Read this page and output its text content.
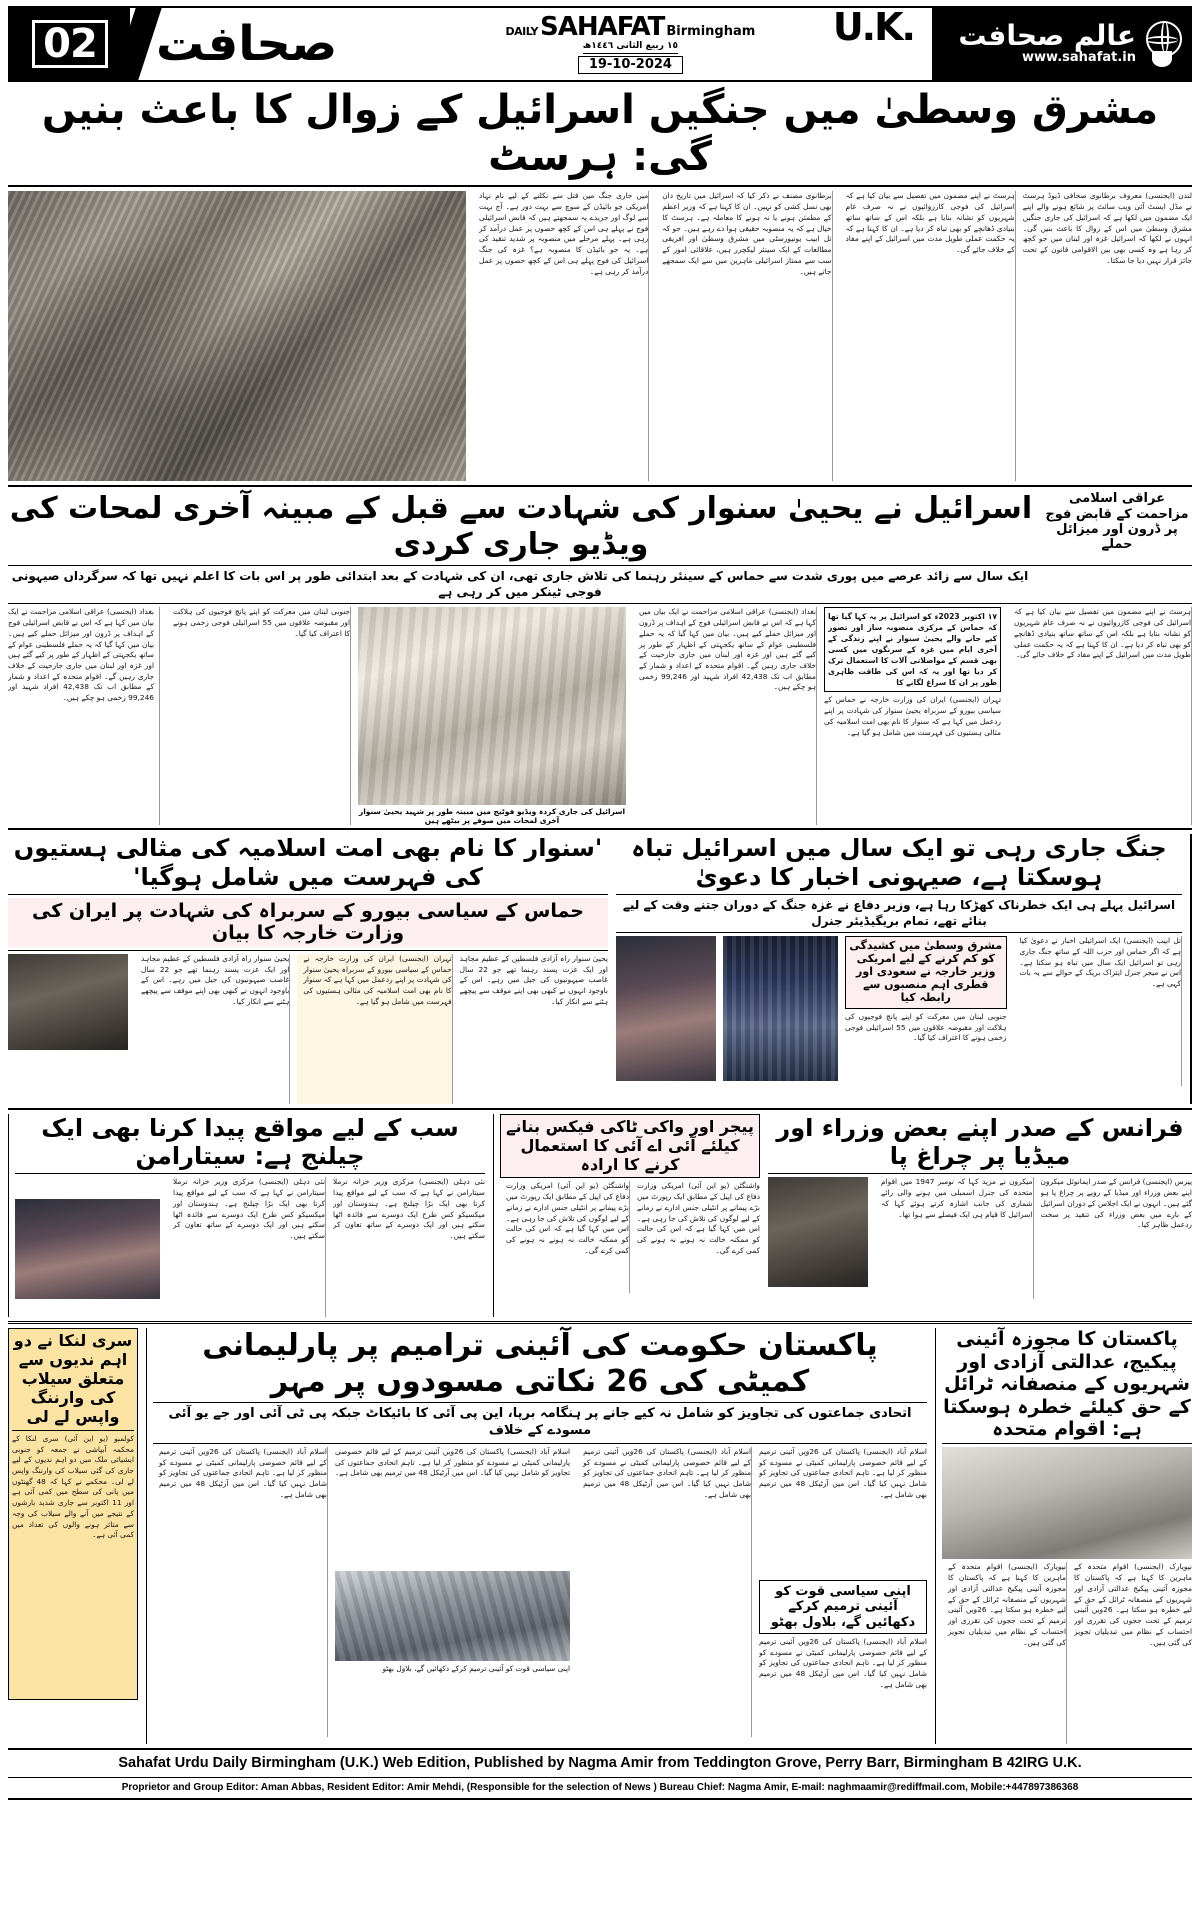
02 صحافت	DAILY SAHAFAT Birmingham
١٥ ربیع الثانی ١٤٤٦ھ
19-10-2024
U.K.	عالم صحافت
www.sahafat.in
مشرق وسطیٰ میں جنگیں اسرائیل کے زوال کا باعث بنیں گی: ہرسٹ
میں جاری جنگ میں قتل سے نکلنے کے لیے نام نہاد امریکی جو بائیڈن کے سوچ سے بہت دور ہے۔ آج بہت سے لوگ اور جریدے یہ سمجھتے ہیں کہ قابض اسرائیلی فوج نے پہلے ہی اس کے کچھ حصوں پر عمل درآمد کر رہی ہے۔ پہلے مرحلے میں منصوبہ پر شدید تنقید کی ہے۔ یہ جو بائیڈن کا منصوبہ ہے؟ غزہ کی جنگ اسرائیل کی فوج پہلے ہی اس کے کچھ حصوں پر عمل درآمد کر رہی ہے۔
برطانوی مصنف نے ذکر کیا کہ اسرائیل میں تاریخ دان بھی نسل کشی کو نہیں۔ ان کا کہنا ہے کہ وزیر اعظم کے مطمئن ہونے یا نہ ہونے کا معاملہ ہے۔ ہرسٹ کا خیال ہے کہ یہ منصوبہ حقیقی ہوا دے رہے ہیں۔ جو کہ تل ابیب یونیورسٹی میں مشرق وسطیٰ اور افریقی مطالعات کے ایک سینئر لیکچرر ہیں، علاقائی امور کے سب سے ممتاز اسرائیلی ماہرین میں سے ایک سمجھے جاتے ہیں۔
ہرسٹ نے اپنے مضمون میں تفصیل سے بیان کیا ہے کہ اسرائیل کی فوجی کارروائیوں نے نہ صرف عام شہریوں کو نشانہ بنایا ہے بلکہ اس کے ساتھ ساتھ بنیادی ڈھانچے کو بھی تباہ کر دیا ہے۔ ان کا کہنا ہے کہ یہ حکمت عملی طویل مدت میں اسرائیل کے اپنے مفاد کے خلاف جائے گی۔
لندن (ایجنسی) معروف برطانوی صحافی ڈیوڈ ہرسٹ نے مڈل ایسٹ آئی ویب سائٹ پر شائع ہونے والے اپنے ایک مضمون میں لکھا ہے کہ اسرائیل کی جاری جنگیں مشرق وسطیٰ میں اس کے زوال کا باعث بنیں گی۔ انہوں نے لکھا کہ اسرائیل غزہ اور لبنان میں جو کچھ کر رہا ہے وہ کسی بھی بین الاقوامی قانون کے تحت جائز قرار نہیں دیا جا سکتا۔
اسرائیل نے یحییٰ سنوار کی شہادت سے قبل کے مبینہ آخری لمحات کی ویڈیو جاری کردی
عراقی اسلامی مزاحمت کے قابض فوج پر ڈرون اور میزائل حملے
ایک سال سے زائد عرصے میں پوری شدت سے حماس کے سینئر رہنما کی تلاش جاری تھی، ان کی شہادت کے بعد ابتدائی طور پر اس بات کا اعلم نہیں تھا کہ سرگرداں صیہونی فوجی ٹینکر میں کر رہی ہے
بغداد (ایجنسی) عراقی اسلامی مزاحمت نے ایک بیان میں کہا ہے کہ اس نے قابض اسرائیلی فوج کے اہداف پر ڈرون اور میزائل حملے کیے ہیں۔ بیان میں کہا گیا کہ یہ حملے فلسطینی عوام کے ساتھ یکجہتی کے اظہار کے طور پر کیے گئے ہیں اور غزہ اور لبنان میں جاری جارحیت کے خلاف جاری رہیں گے۔ اقوام متحدہ کے اعداد و شمار کے مطابق اب تک 42,438 افراد شہید اور 99,246 زخمی ہو چکے ہیں۔
جنوبی لبنان میں معرکت کو اپنے پانچ فوجیوں کی ہلاکت اور مقبوضہ علاقوں میں 55 اسرائیلی فوجی زخمی ہونے کا اعتراف کیا گیا۔
اسرائیل کی جاری کردہ ویڈیو فوٹیج میں مبینہ طور پر شہید یحییٰ سنوار آخری لمحات میں صوفے پر بیٹھے ہیں
بغداد (ایجنسی) عراقی اسلامی مزاحمت نے ایک بیان میں کہا ہے کہ اس نے قابض اسرائیلی فوج کے اہداف پر ڈرون اور میزائل حملے کیے ہیں۔ بیان میں کہا گیا کہ یہ حملے فلسطینی عوام کے ساتھ یکجہتی کے اظہار کے طور پر کیے گئے ہیں اور غزہ اور لبنان میں جاری جارحیت کے خلاف جاری رہیں گے۔ اقوام متحدہ کے اعداد و شمار کے مطابق اب تک 42,438 افراد شہید اور 99,246 زخمی ہو چکے ہیں۔
١٧ اکتوبر 2023ء کو اسرائیل پر یہ کہا گیا تھا کہ حماس کے مرکزی منصوبہ ساز اور تصور کیے جانے والے یحییٰ سنوار نے اپنے زندگی کے آخری ایام میں غزہ کے سرنگوں میں کسی بھی قسم کے مواصلاتی آلات کا استعمال ترک کر دیا تھا اور یہ کہ اس کی طاقت ظاہری طور پر ان کا سراغ لگانے کا
تہران (ایجنسی) ایران کی وزارت خارجہ نے حماس کے سیاسی بیورو کے سربراہ یحییٰ سنوار کی شہادت پر اپنے ردعمل میں کہا ہے کہ سنوار کا نام بھی امت اسلامیہ کی مثالی ہستیوں کی فہرست میں شامل ہو گیا ہے۔
ہرسٹ نے اپنے مضمون میں تفصیل سے بیان کیا ہے کہ اسرائیل کی فوجی کارروائیوں نے نہ صرف عام شہریوں کو نشانہ بنایا ہے بلکہ اس کے ساتھ ساتھ بنیادی ڈھانچے کو بھی تباہ کر دیا ہے۔ ان کا کہنا ہے کہ یہ حکمت عملی طویل مدت میں اسرائیل کے اپنے مفاد کے خلاف جائے گی۔
'سنوار کا نام بھی امت اسلامیہ کی مثالی ہستیوں کی فہرست میں شامل ہوگیا'
حماس کے سیاسی بیورو کے سربراہ کی شہادت پر ایران کی وزارت خارجہ کا بیان
یحییٰ سنوار راہ آزادی فلسطین کے عظیم مجاہد اور ایک عزت پسند رہنما تھے جو 22 سال غاصب صیہونیوں کی جیل میں رہے۔ اس کے باوجود انہوں نے کبھی بھی اپنے موقف سے پیچھے ہٹنے سے انکار کیا۔
تہران (ایجنسی) ایران کی وزارت خارجہ نے حماس کے سیاسی بیورو کے سربراہ یحییٰ سنوار کی شہادت پر اپنے ردعمل میں کہا ہے کہ سنوار کا نام بھی امت اسلامیہ کی مثالی ہستیوں کی فہرست میں شامل ہو گیا ہے۔
یحییٰ سنوار راہ آزادی فلسطین کے عظیم مجاہد اور ایک عزت پسند رہنما تھے جو 22 سال غاصب صیہونیوں کی جیل میں رہے۔ اس کے باوجود انہوں نے کبھی بھی اپنے موقف سے پیچھے ہٹنے سے انکار کیا۔
جنگ جاری رہی تو ایک سال میں اسرائیل تباہ ہوسکتا ہے، صیہونی اخبار کا دعویٰ
اسرائیل پہلے ہی ایک خطرناک کھڑکا رہا ہے، وزیر دفاع نے غزہ جنگ کے دوران جتنے وقت کے لیے بنائے تھے، تمام بریگیڈیئر جنرل
مشرق وسطیٰ میں کشیدگی کو کم کرنے کے لیے امریکی وزیر خارجہ نے سعودی اور قطری اہم منصبوں سے رابطہ کیا
جنوبی لبنان میں معرکت کو اپنے پانچ فوجیوں کی ہلاکت اور مقبوضہ علاقوں میں 55 اسرائیلی فوجی زخمی ہونے کا اعتراف کیا گیا۔
تل ابیب (ایجنسی) ایک اسرائیلی اخبار نے دعویٰ کیا ہے کہ اگر حماس اور حزب اللہ کے ساتھ جنگ جاری رہی تو اسرائیل ایک سال میں تباہ ہو سکتا ہے۔ اس نے میجر جنرل ایتزاک بریک کے حوالے سے یہ بات کہی ہے۔
سب کے لیے مواقع پیدا کرنا بھی ایک چیلنج ہے: سیتارامن
نئی دہلی (ایجنسی) مرکزی وزیر خزانہ نرملا سیتارامن نے کہا ہے کہ سب کے لیے مواقع پیدا کرنا بھی ایک بڑا چیلنج ہے۔ ہندوستان اور میکسیکو کس طرح ایک دوسرے سے فائدہ اٹھا سکتے ہیں اور ایک دوسرے کے ساتھ تعاون کر سکتے ہیں۔
نئی دہلی (ایجنسی) مرکزی وزیر خزانہ نرملا سیتارامن نے کہا ہے کہ سب کے لیے مواقع پیدا کرنا بھی ایک بڑا چیلنج ہے۔ ہندوستان اور میکسیکو کس طرح ایک دوسرے سے فائدہ اٹھا سکتے ہیں اور ایک دوسرے کے ساتھ تعاون کر سکتے ہیں۔
پیجر اور واکی ٹاکی فیکس بنانے کیلئے آئی اے آئی کا استعمال کرنے کا ارادہ
واشنگٹن (یو این آئی) امریکی وزارت دفاع کی اپیل کے مطابق ایک رپورٹ میں بڑے پیمانے پر انٹیلی جنس ادارے نے زمانے کے لیے لوگوں کی تلاش کی جا رہی ہے۔ اس میں کہا گیا ہے کہ اس کی حالت کو ممکنہ خالت نہ ہونے نہ ہونے کی کمی کرے گی۔
واشنگٹن (یو این آئی) امریکی وزارت دفاع کی اپیل کے مطابق ایک رپورٹ میں بڑے پیمانے پر انٹیلی جنس ادارے نے زمانے کے لیے لوگوں کی تلاش کی جا رہی ہے۔ اس میں کہا گیا ہے کہ اس کی حالت کو ممکنہ خالت نہ ہونے نہ ہونے کی کمی کرے گی۔
فرانس کے صدر اپنے بعض وزراء اور میڈیا پر چراغ پا
میکرون نے مزید کہا کہ نومبر 1947 میں اقوام متحدہ کی جنرل اسمبلی میں ہونے والی رائے شماری کی جانب اشارہ کرتے ہوئے کہا کہ اسرائیل کا قیام ہی ایک فیصلے سے ہوا تھا۔
پیرس (ایجنسی) فرانس کے صدر ایمانوئل میکرون اپنے بعض وزراء اور میڈیا کے رویے پر چراغ پا ہو گئے ہیں۔ انہوں نے ایک اجلاس کے دوران اسرائیل کے بارے میں بعض وزراء کی تنقید پر سخت ردعمل ظاہر کیا۔
سری لنکا نے دو اہم ندیوں سے متعلق سیلاب کی وارننگ واپس لے لی
کولمبو (یو این آئی) سری لنکا کے محکمہ آبپاشی نے جمعہ کو جنوبی ایشیائی ملک میں دو اہم ندیوں کے لیے جاری کی گئی سیلاب کی وارننگ واپس لے لی۔ محکمے نے کہا کہ 48 گھنٹوں میں پانی کی سطح میں کمی آئی ہے اور 11 اکتوبر سے جاری شدید بارشوں کے نتیجے میں آنے والے سیلاب کی وجہ سے متاثر ہونے والوں کی تعداد میں کمی آئی ہے۔
پاکستان حکومت کی آئینی ترامیم پر پارلیمانی کمیٹی کی 26 نکاتی مسودوں پر مہر
اتحادی جماعتوں کی تجاویز کو شامل نہ کیے جانے پر ہنگامہ برپا، این پی آئی کا بائیکاٹ جبکہ پی ٹی آئی اور جے یو آئی مسودے کے خلاف
اسلام آباد (ایجنسی) پاکستان کی 26ویں آئینی ترمیم کے لیے قائم خصوصی پارلیمانی کمیٹی نے مسودے کو منظور کر لیا ہے۔ تاہم اتحادی جماعتوں کی تجاویز کو شامل نہیں کیا گیا۔ اس میں آرٹیکل 48 میں ترمیم بھی شامل ہے۔
اسلام آباد (ایجنسی) پاکستان کی 26ویں آئینی ترمیم کے لیے قائم خصوصی پارلیمانی کمیٹی نے مسودے کو منظور کر لیا ہے۔ تاہم اتحادی جماعتوں کی تجاویز کو شامل نہیں کیا گیا۔ اس میں آرٹیکل 48 میں ترمیم بھی شامل ہے۔
اپنی سیاسی قوت کو آئینی ترمیم کرکے دکھائیں گے، بلاول بھٹو
اسلام آباد (ایجنسی) پاکستان کی 26ویں آئینی ترمیم کے لیے قائم خصوصی پارلیمانی کمیٹی نے مسودے کو منظور کر لیا ہے۔ تاہم اتحادی جماعتوں کی تجاویز کو شامل نہیں کیا گیا۔ اس میں آرٹیکل 48 میں ترمیم بھی شامل ہے۔
اسلام آباد (ایجنسی) پاکستان کی 26ویں آئینی ترمیم کے لیے قائم خصوصی پارلیمانی کمیٹی نے مسودے کو منظور کر لیا ہے۔ تاہم اتحادی جماعتوں کی تجاویز کو شامل نہیں کیا گیا۔ اس میں آرٹیکل 48 میں ترمیم بھی شامل ہے۔
اپنی سیاسی قوت کو آئینی ترمیم کرکے دکھائیں گے، بلاول بھٹو
اسلام آباد (ایجنسی) پاکستان کی 26ویں آئینی ترمیم کے لیے قائم خصوصی پارلیمانی کمیٹی نے مسودے کو منظور کر لیا ہے۔ تاہم اتحادی جماعتوں کی تجاویز کو شامل نہیں کیا گیا۔ اس میں آرٹیکل 48 میں ترمیم بھی شامل ہے۔
پاکستان کا مجوزہ آئینی پیکیج، عدالتی آزادی اور شہریوں کے منصفانہ ٹرائل کے حق کیلئے خطرہ ہوسکتا ہے: اقوام متحدہ
نیویارک (ایجنسی) اقوام متحدہ کے ماہرین کا کہنا ہے کہ پاکستان کا مجوزہ آئینی پیکیج عدالتی آزادی اور شہریوں کے منصفانہ ٹرائل کے حق کے لیے خطرہ ہو سکتا ہے۔ 26ویں آئینی ترمیم کے تحت ججوں کی تقرری اور احتساب کے نظام میں تبدیلیاں تجویز کی گئی ہیں۔
نیویارک (ایجنسی) اقوام متحدہ کے ماہرین کا کہنا ہے کہ پاکستان کا مجوزہ آئینی پیکیج عدالتی آزادی اور شہریوں کے منصفانہ ٹرائل کے حق کے لیے خطرہ ہو سکتا ہے۔ 26ویں آئینی ترمیم کے تحت ججوں کی تقرری اور احتساب کے نظام میں تبدیلیاں تجویز کی گئی ہیں۔
Sahafat Urdu Daily Birmingham (U.K.) Web Edition, Published by Nagma Amir from Teddington Grove, Perry Barr, Birmingham B 42IRG U.K.
Proprietor and Group Editor: Aman Abbas, Resident Editor: Amir Mehdi, (Responsible for the selection of News ) Bureau Chief: Nagma Amir, E-mail: naghmaamir@rediffmail.com, Mobile:+447897386368
